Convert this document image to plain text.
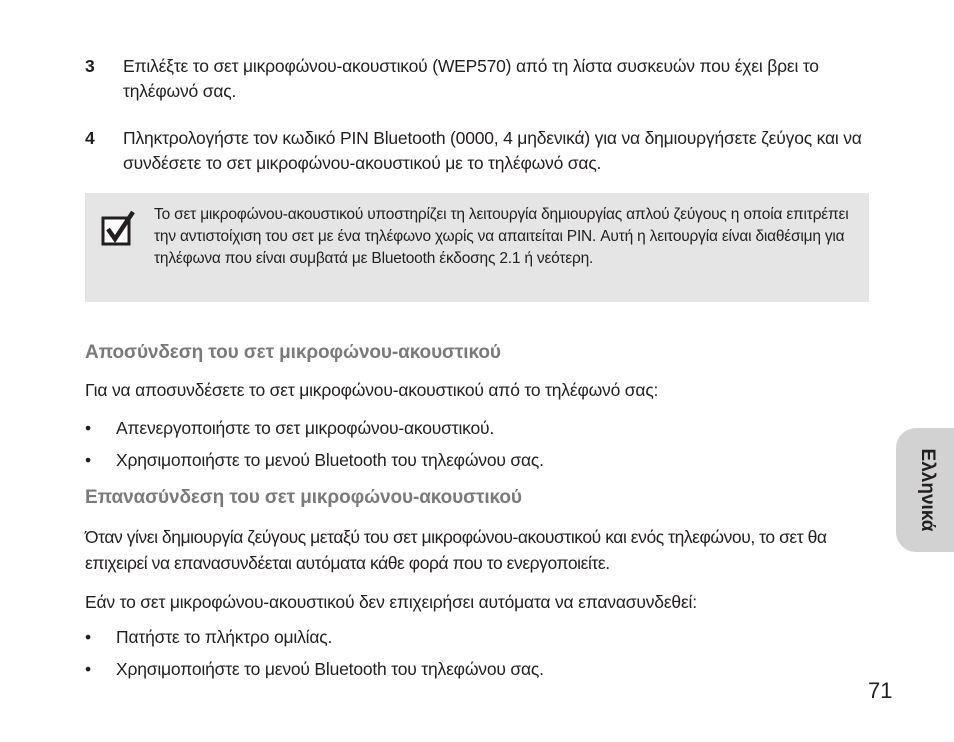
3 Επιλέξτε το σετ μικροφώνου-ακουστικού (WEP570) από τη λίστα συσκευών που έχει βρει το τηλέφωνό σας.
4 Πληκτρολογήστε τον κωδικό PIN Bluetooth (0000, 4 μηδενικά) για να δημιουργήσετε ζεύγος και να συνδέσετε το σετ μικροφώνου-ακουστικού με το τηλέφωνό σας.
Το σετ μικροφώνου-ακουστικού υποστηρίζει τη λειτουργία δημιουργίας απλού ζεύγους η οποία επιτρέπει την αντιστοίχιση του σετ με ένα τηλέφωνο χωρίς να απαιτείται PIN. Αυτή η λειτουργία είναι διαθέσιμη για τηλέφωνα που είναι συμβατά με Bluetooth έκδοσης 2.1 ή νεότερη.
Αποσύνδεση του σετ μικροφώνου-ακουστικού
Για να αποσυνδέσετε το σετ μικροφώνου-ακουστικού από το τηλέφωνό σας:
• Απενεργοποιήστε το σετ μικροφώνου-ακουστικού.
• Χρησιμοποιήστε το μενού Bluetooth του τηλεφώνου σας.
Επανασύνδεση του σετ μικροφώνου-ακουστικού
Όταν γίνει δημιουργία ζεύγους μεταξύ του σετ μικροφώνου-ακουστικού και ενός τηλεφώνου, το σετ θα επιχειρεί να επανασυνδέεται αυτόματα κάθε φορά που το ενεργοποιείτε.
Εάν το σετ μικροφώνου-ακουστικού δεν επιχειρήσει αυτόματα να επανασυνδεθεί:
• Πατήστε το πλήκτρο ομιλίας.
• Χρησιμοποιήστε το μενού Bluetooth του τηλεφώνου σας.
Ελληνικά
71
